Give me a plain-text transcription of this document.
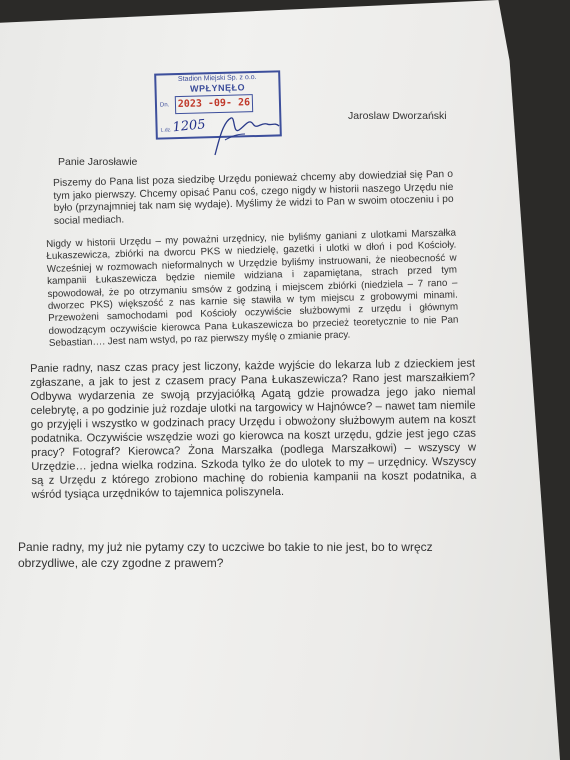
Stadion Miejski Sp. z o.o.
WPŁYNĘŁO
Dn. 2023 -09- 26
L.dz. 1205
Jaroslaw Dworzański
Panie Jarosławie

Piszemy do Pana list poza siedzibę Urzędu ponieważ chcemy aby dowiedział się Pan o tym jako pierwszy. Chcemy opisać Panu coś, czego nigdy w historii naszego Urzędu nie było (przynajmniej tak nam się wydaje). Myślimy że widzi to Pan w swoim otoczeniu i po social mediach.

Nigdy w historii Urzędu – my poważni urzędnicy, nie byliśmy ganiani z ulotkami Marszałka Łukaszewicza, zbiórki na dworcu PKS w niedzielę, gazetki i ulotki w dłoń i pod Kościoły. Wcześniej w rozmowach nieformalnych w Urzędzie byliśmy instruowani, że nieobecność w kampanii Łukaszewicza będzie niemile widziana i zapamiętana, strach przed tym spowodował, że po otrzymaniu smsów z godziną i miejscem zbiórki (niedziela – 7 rano – dworzec PKS) większość z nas karnie się stawiła w tym miejscu z grobowymi minami. Przewożeni samochodami pod Kościoły oczywiście służbowymi z urzędu i głównym dowodzącym oczywiście kierowca Pana Łukaszewicza bo przecież teoretycznie to nie Pan Sebastian…. Jest nam wstyd, po raz pierwszy myślę o zmianie pracy.

Panie radny, nasz czas pracy jest liczony, każde wyjście do lekarza lub z dzieckiem jest zgłaszane, a jak to jest z czasem pracy Pana Łukaszewicza? Rano jest marszałkiem? Odbywa wydarzenia ze swoją przyjaciółką Agatą gdzie prowadza jego jako niemal celebrytę, a po godzinie już rozdaje ulotki na targowicy w Hajnówce? – nawet tam niemile go przyjęli i wszystko w godzinach pracy Urzędu i obwożony służbowym autem na koszt podatnika. Oczywiście wszędzie wozi go kierowca na koszt urzędu, gdzie jest jego czas pracy? Fotograf? Kierowca? Żona Marszałka (podlega Marszałkowi) – wszyscy w Urzędzie… jedna wielka rodzina. Szkoda tylko że do ulotek to my – urzędnicy. Wszyscy są z Urzędu z którego zrobiono machinę do robienia kampanii na koszt podatnika, a wśród tysiąca urzędników to tajemnica poliszynela.

Panie radny, my już nie pytamy czy to uczciwe bo takie to nie jest, bo to wręcz obrzydliwe, ale czy zgodne z prawem?
